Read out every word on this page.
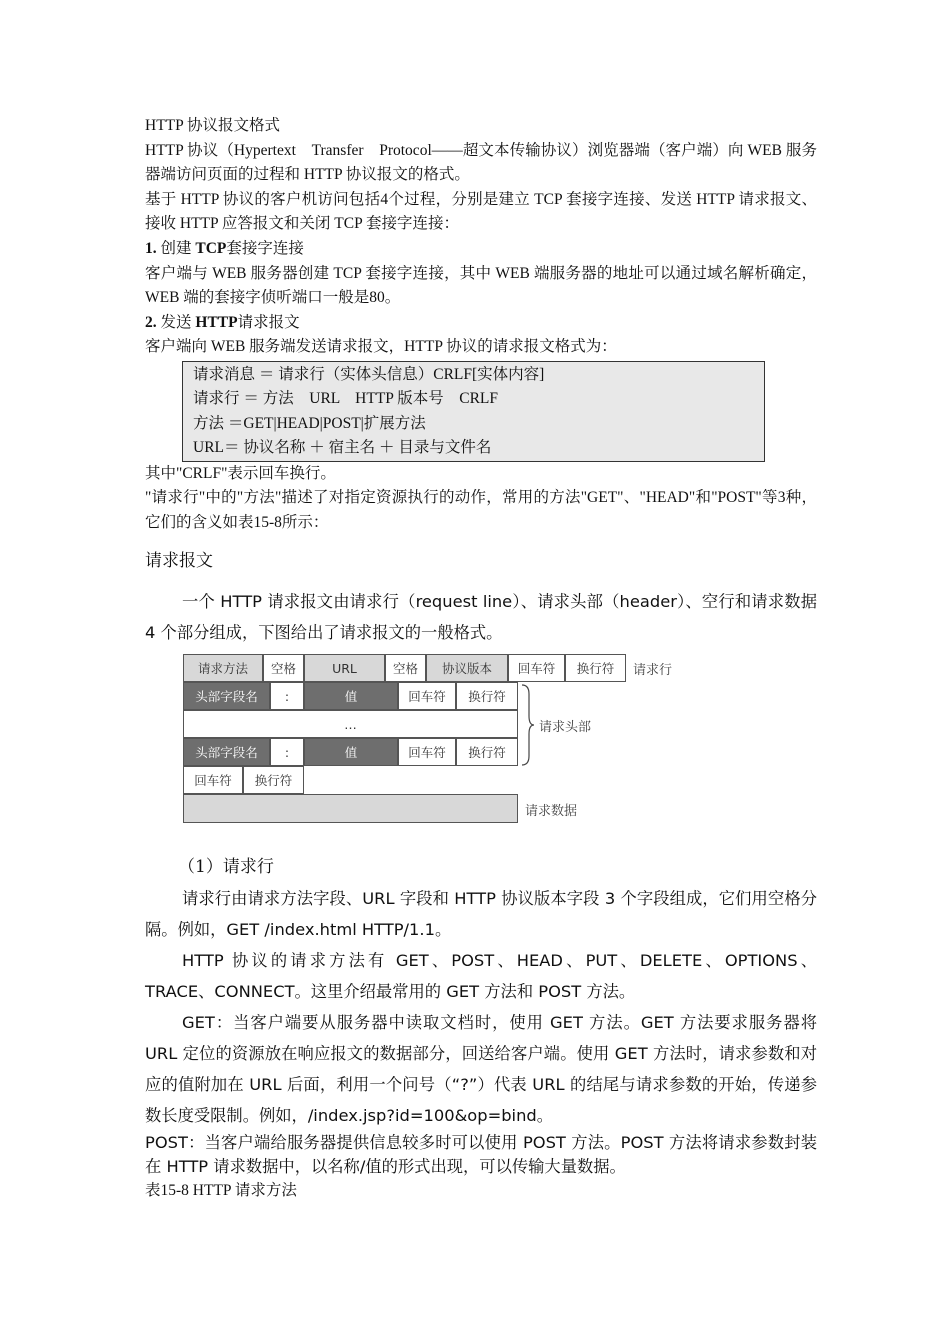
HTTP 协议报文格式

HTTP 协议（Hypertext　Transfer　Protocol——超文本传输协议）浏览器端（客户端）向 WEB 服务器端访问页面的过程和 HTTP 协议报文的格式。

基于 HTTP 协议的客户机访问包括4个过程，分别是建立 TCP 套接字连接、发送 HTTP 请求报文、接收 HTTP 应答报文和关闭 TCP 套接字连接：

1. 创建 TCP套接字连接

客户端与 WEB 服务器创建 TCP 套接字连接，其中 WEB 端服务器的地址可以通过域名解析确定，WEB 端的套接字侦听端口一般是80。

2. 发送 HTTP请求报文

客户端向 WEB 服务端发送请求报文，HTTP 协议的请求报文格式为：

请求消息 ＝ 请求行（实体头信息）CRLF[实体内容]
请求行 ＝ 方法　URL　HTTP 版本号　CRLF
方法 ＝GET|HEAD|POST|扩展方法
URL＝ 协议名称 ＋ 宿主名 ＋ 目录与文件名

其中"CRLF"表示回车换行。

"请求行"中的"方法"描述了对指定资源执行的动作，常用的方法"GET"、"HEAD"和"POST"等3种，它们的含义如表15-8所示：

请求报文

一个 HTTP 请求报文由请求行（request line）、请求头部（header）、空行和请求数据 4 个部分组成，下图给出了请求报文的一般格式。

请求方法	空格	URL	空格	协议版本	回车符	换行符	请求行
头部字段名	:	值	回车符	换行符
…
头部字段名	:	值	回车符	换行符
请求头部
回车符	换行符
请求数据

（1）请求行

请求行由请求方法字段、URL 字段和 HTTP 协议版本字段 3 个字段组成，它们用空格分隔。例如，GET /index.html HTTP/1.1。

HTTP 协议的请求方法有 GET、POST、HEAD、PUT、DELETE、OPTIONS、TRACE、CONNECT。这里介绍最常用的 GET 方法和 POST 方法。

GET：当客户端要从服务器中读取文档时，使用 GET 方法。GET 方法要求服务器将 URL 定位的资源放在响应报文的数据部分，回送给客户端。使用 GET 方法时，请求参数和对应的值附加在 URL 后面，利用一个问号（“?”）代表 URL 的结尾与请求参数的开始，传递参数长度受限制。例如，/index.jsp?id=100&op=bind。

POST：当客户端给服务器提供信息较多时可以使用 POST 方法。POST 方法将请求参数封装在 HTTP 请求数据中，以名称/值的形式出现，可以传输大量数据。

表15-8 HTTP 请求方法
